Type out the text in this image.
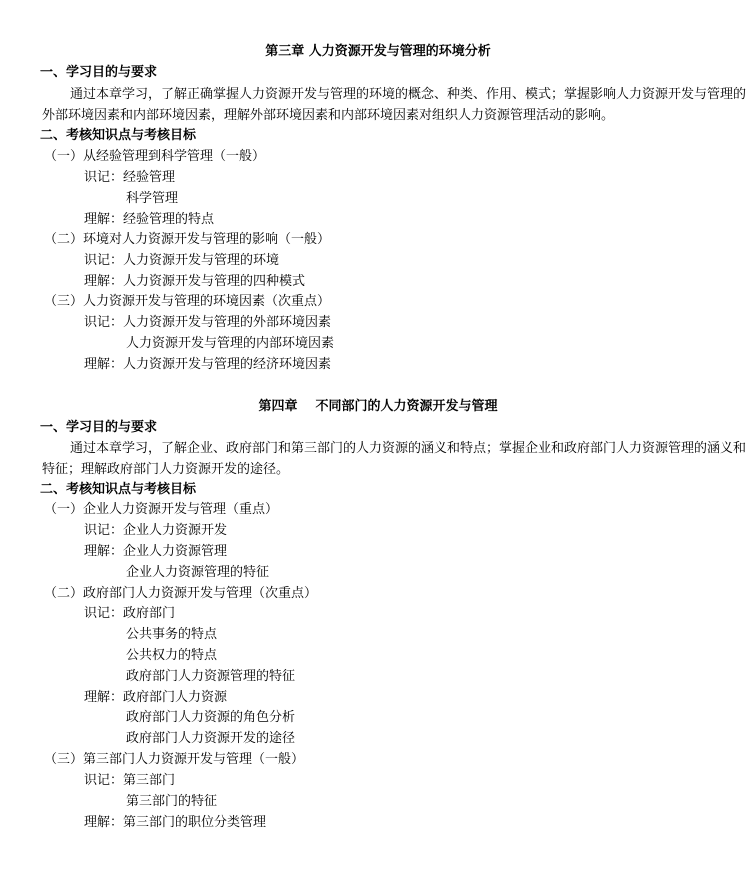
第三章 人力资源开发与管理的环境分析
一、学习目的与要求
通过本章学习，了解正确掌握人力资源开发与管理的环境的概念、种类、作用、模式；掌握影响人力资源开发与管理的外部环境因素和内部环境因素，理解外部环境因素和内部环境因素对组织人力资源管理活动的影响。
二、考核知识点与考核目标
（一）从经验管理到科学管理（一般）
识记：经验管理
科学管理
理解：经验管理的特点
（二）环境对人力资源开发与管理的影响（一般）
识记：人力资源开发与管理的环境
理解：人力资源开发与管理的四种模式
（三）人力资源开发与管理的环境因素（次重点）
识记：人力资源开发与管理的外部环境因素
人力资源开发与管理的内部环境因素
理解：人力资源开发与管理的经济环境因素
第四章 不同部门的人力资源开发与管理
一、学习目的与要求
通过本章学习，了解企业、政府部门和第三部门的人力资源的涵义和特点；掌握企业和政府部门人力资源管理的涵义和特征；理解政府部门人力资源开发的途径。
二、考核知识点与考核目标
（一）企业人力资源开发与管理（重点）
识记：企业人力资源开发
理解：企业人力资源管理
企业人力资源管理的特征
（二）政府部门人力资源开发与管理（次重点）
识记：政府部门
公共事务的特点
公共权力的特点
政府部门人力资源管理的特征
理解：政府部门人力资源
政府部门人力资源的角色分析
政府部门人力资源开发的途径
（三）第三部门人力资源开发与管理（一般）
识记：第三部门
第三部门的特征
理解：第三部门的职位分类管理
